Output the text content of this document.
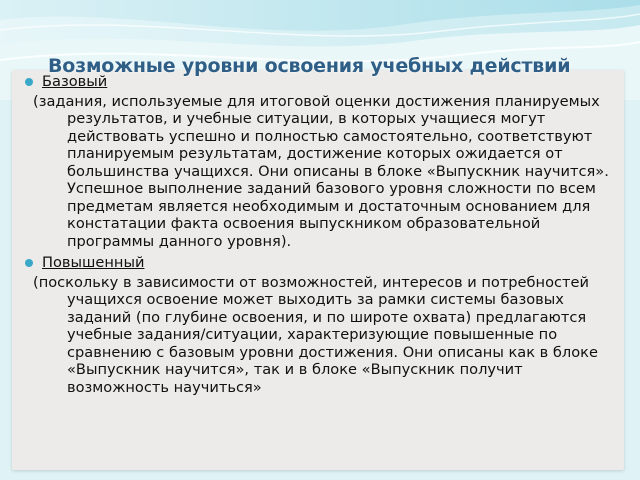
Возможные уровни освоения учебных действий
Базовый

(задания, используемые для итоговой оценки достижения планируемых результатов, и учебные ситуации, в которых учащиеся могут действовать успешно и полностью самостоятельно, соответствуют планируемым результатам, достижение которых ожидается от большинства учащихся. Они описаны в блоке «Выпускник научится». Успешное выполнение заданий базового уровня сложности по всем предметам является необходимым и достаточным основанием для констатации факта освоения выпускником образовательной программы данного уровня).

Повышенный

(поскольку в зависимости от возможностей, интересов и потребностей учащихся освоение может выходить за рамки системы базовых заданий (по глубине освоения, и по широте охвата) предлагаются учебные задания/ситуации, характеризующие повышенные по сравнению с базовым уровни достижения. Они описаны как в блоке «Выпускник научится», так и в блоке «Выпускник получит возможность научиться»
